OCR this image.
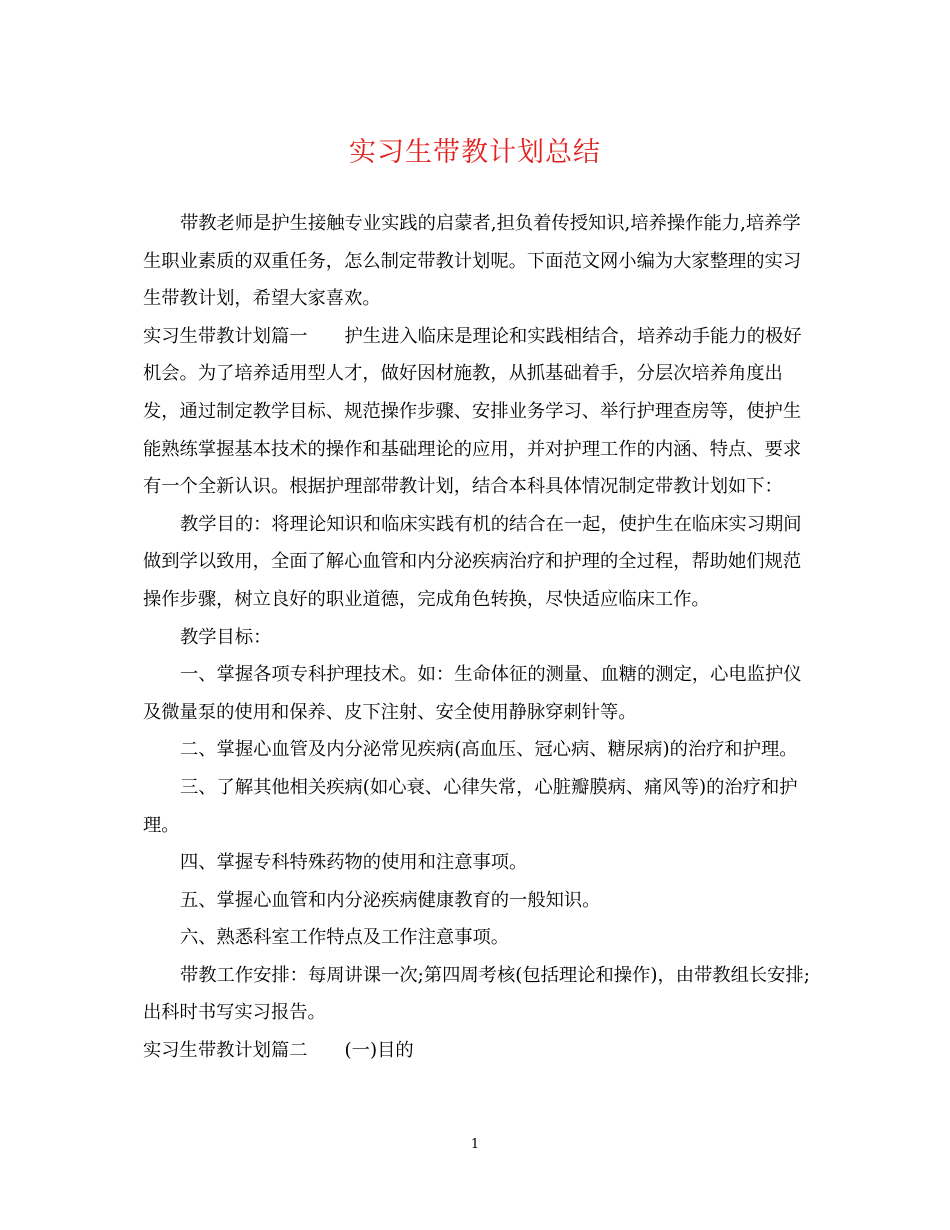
实习生带教计划总结

带教老师是护生接触专业实践的启蒙者,担负着传授知识,培养操作能力,培养学生职业素质的双重任务，怎么制定带教计划呢。下面范文网小编为大家整理的实习生带教计划，希望大家喜欢。

实习生带教计划篇一 护生进入临床是理论和实践相结合，培养动手能力的极好机会。为了培养适用型人才，做好因材施教，从抓基础着手，分层次培养角度出发，通过制定教学目标、规范操作步骤、安排业务学习、举行护理查房等，使护生能熟练掌握基本技术的操作和基础理论的应用，并对护理工作的内涵、特点、要求有一个全新认识。根据护理部带教计划，结合本科具体情况制定带教计划如下：

教学目的：将理论知识和临床实践有机的结合在一起，使护生在临床实习期间做到学以致用，全面了解心血管和内分泌疾病治疗和护理的全过程，帮助她们规范操作步骤，树立良好的职业道德，完成角色转换，尽快适应临床工作。

教学目标：

一、掌握各项专科护理技术。如：生命体征的测量、血糖的测定，心电监护仪及微量泵的使用和保养、皮下注射、安全使用静脉穿刺针等。

二、掌握心血管及内分泌常见疾病(高血压、冠心病、糖尿病)的治疗和护理。

三、了解其他相关疾病(如心衰、心律失常，心脏瓣膜病、痛风等)的治疗和护理。

四、掌握专科特殊药物的使用和注意事项。

五、掌握心血管和内分泌疾病健康教育的一般知识。

六、熟悉科室工作特点及工作注意事项。

带教工作安排：每周讲课一次;第四周考核(包括理论和操作)，由带教组长安排;出科时书写实习报告。

实习生带教计划篇二 (一)目的

1
